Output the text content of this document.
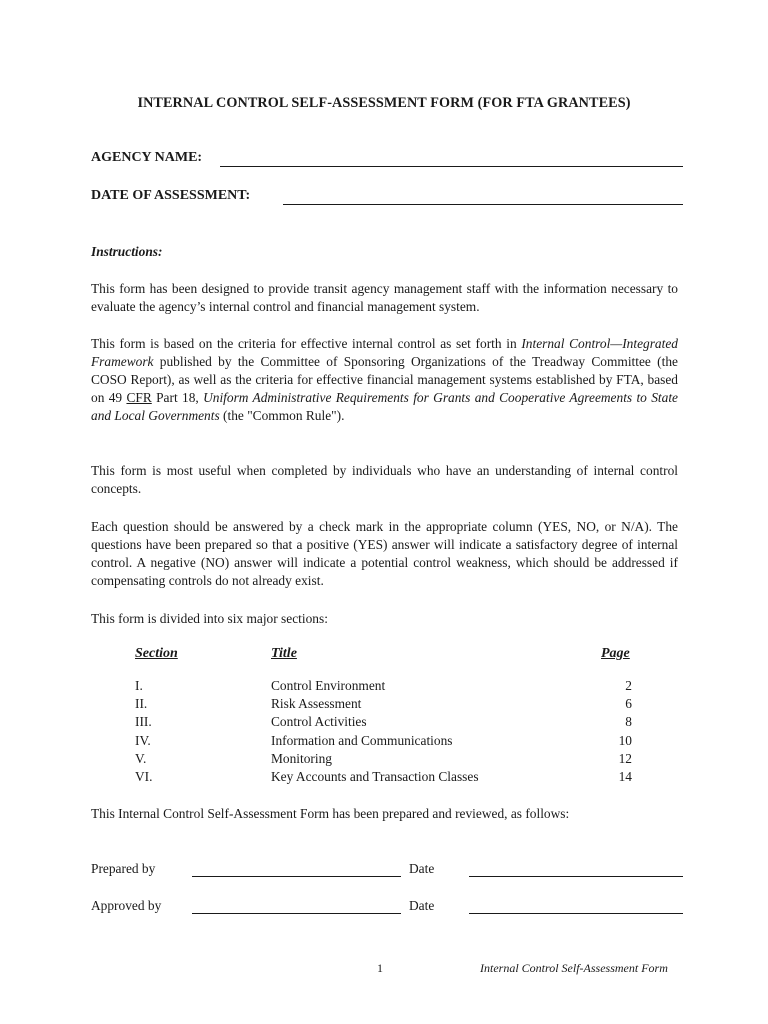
INTERNAL CONTROL SELF-ASSESSMENT FORM (FOR FTA GRANTEES)
AGENCY NAME:
DATE OF ASSESSMENT:
Instructions:
This form has been designed to provide transit agency management staff with the information necessary to evaluate the agency’s internal control and financial management system.
This form is based on the criteria for effective internal control as set forth in Internal Control—Integrated Framework published by the Committee of Sponsoring Organizations of the Treadway Committee (the COSO Report), as well as the criteria for effective financial management systems established by FTA, based on 49 CFR Part 18, Uniform Administrative Requirements for Grants and Cooperative Agreements to State and Local Governments (the "Common Rule").
This form is most useful when completed by individuals who have an understanding of internal control concepts.
Each question should be answered by a check mark in the appropriate column (YES, NO, or N/A). The questions have been prepared so that a positive (YES) answer will indicate a satisfactory degree of internal control. A negative (NO) answer will indicate a potential control weakness, which should be addressed if compensating controls do not already exist.
This form is divided into six major sections:
Section	Title	Page
I.	Control Environment	2
II.	Risk Assessment	6
III.	Control Activities	8
IV.	Information and Communications	10
V.	Monitoring	12
VI.	Key Accounts and Transaction Classes	14
This Internal Control Self-Assessment Form has been prepared and reviewed, as follows:
Prepared by	Date
Approved by	Date
1	Internal Control Self-Assessment Form
